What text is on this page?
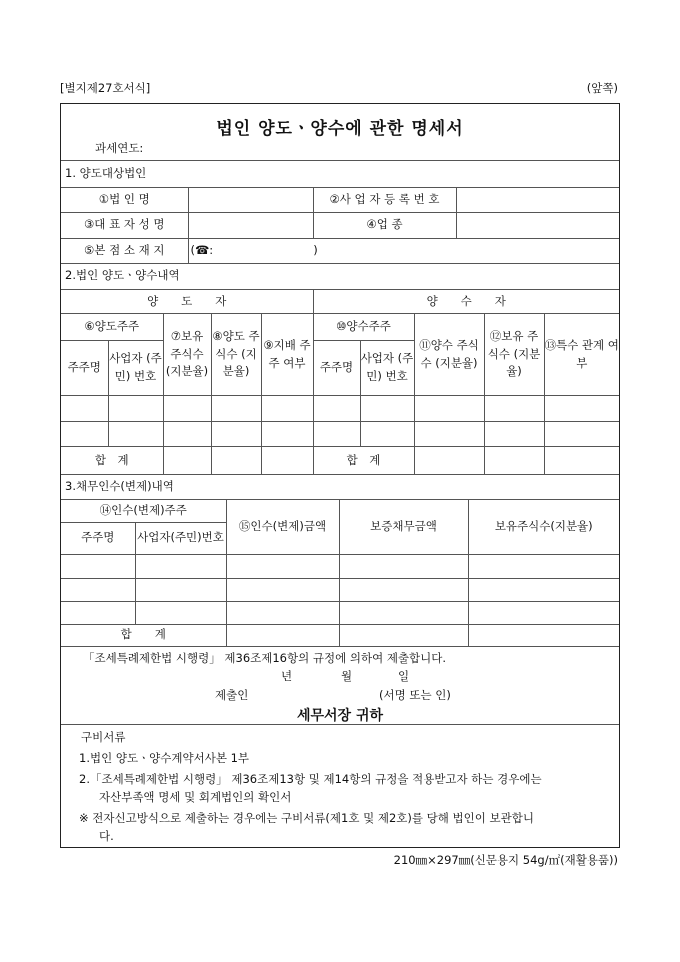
[별지제27호서식]	(앞쪽)
법인 양도ㆍ양수에 관한 명세서
과세연도:
1. 양도대상법인			
①법 인 명		②사 업 자 등 록 번 호	
③대 표 자 성 명		④업 종	
⑤본 점 소 재 지	(☎: )		
2.법인 양도ㆍ양수내역									
양　　도　　자					양　　수　　자				
⑥양도주주		⑦보유 주식수 (지분율)	⑧양도 주식수 (지분율)	⑨지배 주주 여부	⑩양수주주		⑪양수 주식수 (지분율)	⑫보유 주식수 (지분율)	⑬특수 관계 여부
주주명	사업자 (주민) 번호				주주명	사업자 (주민) 번호			

합　계					합　계				
3.채무인수(변제)내역				
⑭인수(변제)주주		⑮인수(변제)금액	보증채무금액	보유주식수(지분율)
주주명	사업자(주민)번호			

합　　계				
「조세특례제한법 시행령」 제36조제16항의 규정에 의하여 제출합니다.
년	월	일
제출인	(서명 또는 인)
세무서장 귀하
구비서류
1.법인 양도ㆍ양수계약서사본 1부
2.「조세특례제한법 시행령」 제36조제13항 및 제14항의 규정을 적용받고자 하는 경우에는
자산부족액 명세 및 회계법인의 확인서
※ 전자신고방식으로 제출하는 경우에는 구비서류(제1호 및 제2호)를 당해 법인이 보관합니
다.
210㎜×297㎜(신문용지 54g/㎡(재활용품))
